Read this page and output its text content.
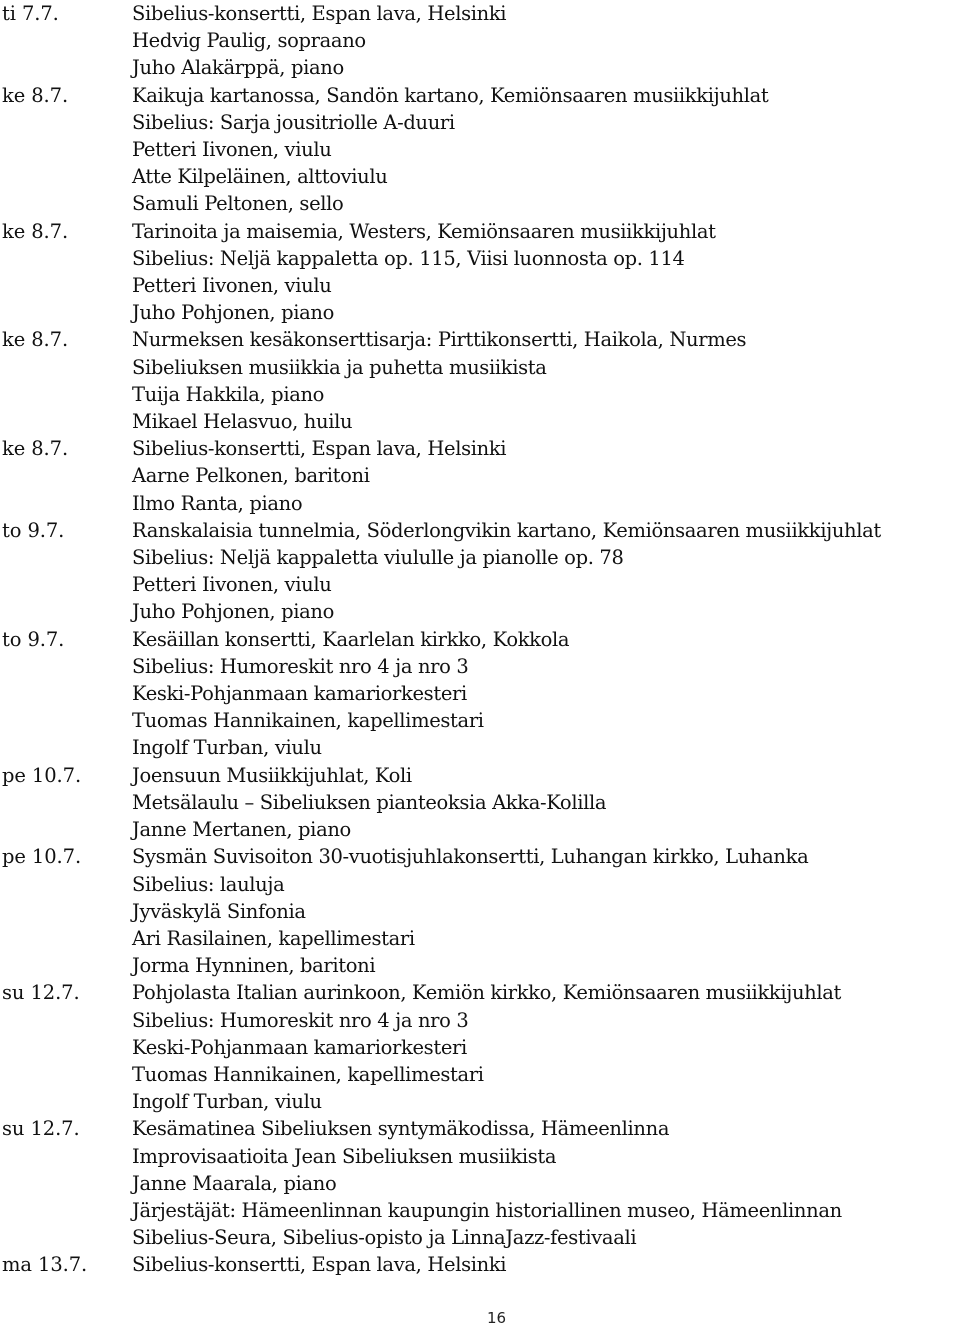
ti 7.7.	Sibelius-konsertti, Espan lava, Helsinki
Hedvig Paulig, sopraano
Juho Alakärppä, piano
ke 8.7.	Kaikuja kartanossa, Sandön kartano, Kemiönsaaren musiikkijuhlat
Sibelius: Sarja jousitriolle A-duuri
Petteri Iivonen, viulu
Atte Kilpeläinen, alttoviulu
Samuli Peltonen, sello
ke 8.7.	Tarinoita ja maisemia, Westers, Kemiönsaaren musiikkijuhlat
Sibelius: Neljä kappaletta op. 115, Viisi luonnosta op. 114
Petteri Iivonen, viulu
Juho Pohjonen, piano
ke 8.7.	Nurmeksen kesäkonserttisarja: Pirttikonsertti, Haikola, Nurmes
Sibeliuksen musiikkia ja puhetta musiikista
Tuija Hakkila, piano
Mikael Helasvuo, huilu
ke 8.7.	Sibelius-konsertti, Espan lava, Helsinki
Aarne Pelkonen, baritoni
Ilmo Ranta, piano
to 9.7.	Ranskalaisia tunnelmia, Söderlongvikin kartano, Kemiönsaaren musiikkijuhlat
Sibelius: Neljä kappaletta viululle ja pianolle op. 78
Petteri Iivonen, viulu
Juho Pohjonen, piano
to 9.7.	Kesäillan konsertti, Kaarlelan kirkko, Kokkola
Sibelius: Humoreskit nro 4 ja nro 3
Keski-Pohjanmaan kamariorkesteri
Tuomas Hannikainen, kapellimestari
Ingolf Turban, viulu
pe 10.7.	Joensuun Musiikkijuhlat, Koli
Metsälaulu – Sibeliuksen pianteoksia Akka-Kolilla
Janne Mertanen, piano
pe 10.7.	Sysmän Suvisoiton 30-vuotisjuhlakonsertti, Luhangan kirkko, Luhanka
Sibelius: lauluja
Jyväskylä Sinfonia
Ari Rasilainen, kapellimestari
Jorma Hynninen, baritoni
su 12.7.	Pohjolasta Italian aurinkoon, Kemiön kirkko, Kemiönsaaren musiikkijuhlat
Sibelius: Humoreskit nro 4 ja nro 3
Keski-Pohjanmaan kamariorkesteri
Tuomas Hannikainen, kapellimestari
Ingolf Turban, viulu
su 12.7.	Kesämatinea Sibeliuksen syntymäkodissa, Hämeenlinna
Improvisaatioita Jean Sibeliuksen musiikista
Janne Maarala, piano
Järjestäjät: Hämeenlinnan kaupungin historiallinen museo, Hämeenlinnan
Sibelius-Seura, Sibelius-opisto ja LinnaJazz-festivaali
ma 13.7.	Sibelius-konsertti, Espan lava, Helsinki
16
